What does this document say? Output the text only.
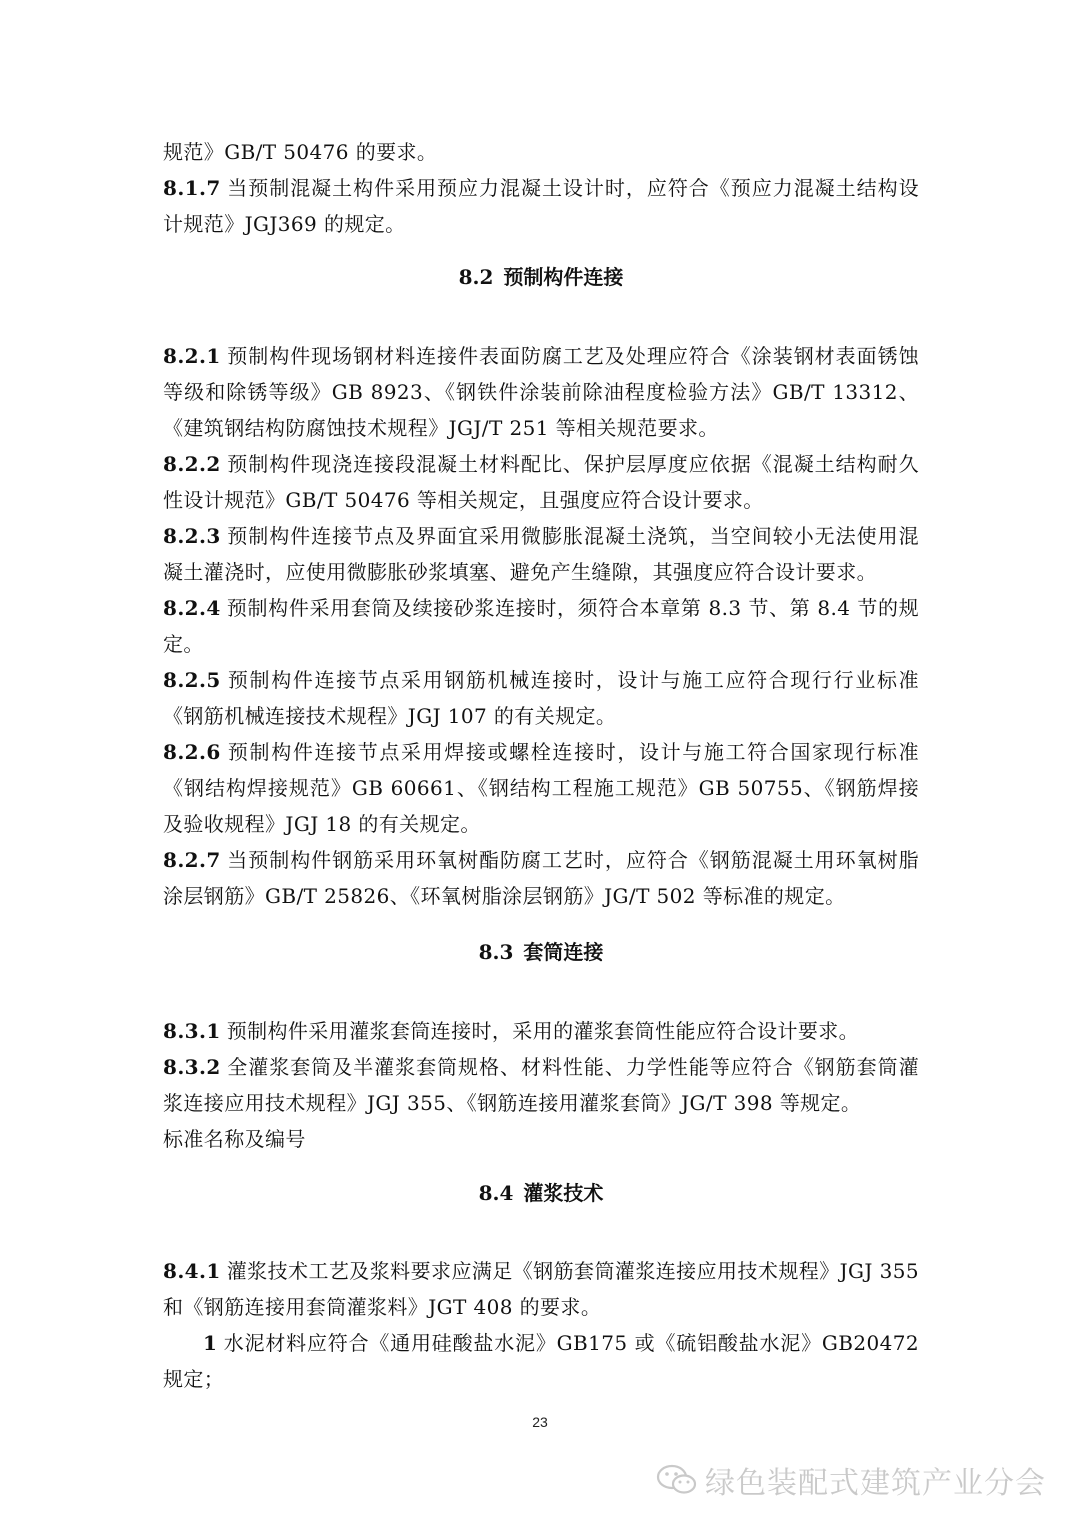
规范》GB/T 50476 的要求。

8.1.7 当预制混凝土构件采用预应力混凝土设计时，应符合《预应力混凝土结构设计规范》JGJ369 的规定。

8.2 预制构件连接

8.2.1 预制构件现场钢材料连接件表面防腐工艺及处理应符合《涂装钢材表面锈蚀等级和除锈等级》GB 8923、《钢铁件涂装前除油程度检验方法》GB/T 13312、《建筑钢结构防腐蚀技术规程》JGJ/T 251 等相关规范要求。

8.2.2 预制构件现浇连接段混凝土材料配比、保护层厚度应依据《混凝土结构耐久性设计规范》GB/T 50476 等相关规定，且强度应符合设计要求。

8.2.3 预制构件连接节点及界面宜采用微膨胀混凝土浇筑，当空间较小无法使用混凝土灌浇时，应使用微膨胀砂浆填塞、避免产生缝隙，其强度应符合设计要求。

8.2.4 预制构件采用套筒及续接砂浆连接时，须符合本章第 8.3 节、第 8.4 节的规定。

8.2.5 预制构件连接节点采用钢筋机械连接时，设计与施工应符合现行行业标准《钢筋机械连接技术规程》JGJ 107 的有关规定。

8.2.6 预制构件连接节点采用焊接或螺栓连接时，设计与施工符合国家现行标准《钢结构焊接规范》GB 60661、《钢结构工程施工规范》GB 50755、《钢筋焊接及验收规程》JGJ 18 的有关规定。

8.2.7 当预制构件钢筋采用环氧树酯防腐工艺时，应符合《钢筋混凝土用环氧树脂涂层钢筋》GB/T 25826、《环氧树脂涂层钢筋》JG/T 502 等标准的规定。

8.3 套筒连接

8.3.1 预制构件采用灌浆套筒连接时，采用的灌浆套筒性能应符合设计要求。

8.3.2 全灌浆套筒及半灌浆套筒规格、材料性能、力学性能等应符合《钢筋套筒灌浆连接应用技术规程》JGJ 355、《钢筋连接用灌浆套筒》JG/T 398 等规定。

标准名称及编号

8.4 灌浆技术

8.4.1 灌浆技术工艺及浆料要求应满足《钢筋套筒灌浆连接应用技术规程》JGJ 355 和《钢筋连接用套筒灌浆料》JGT 408 的要求。

1 水泥材料应符合《通用硅酸盐水泥》GB175 或《硫铝酸盐水泥》GB20472 规定；

23
绿色装配式建筑产业分会
